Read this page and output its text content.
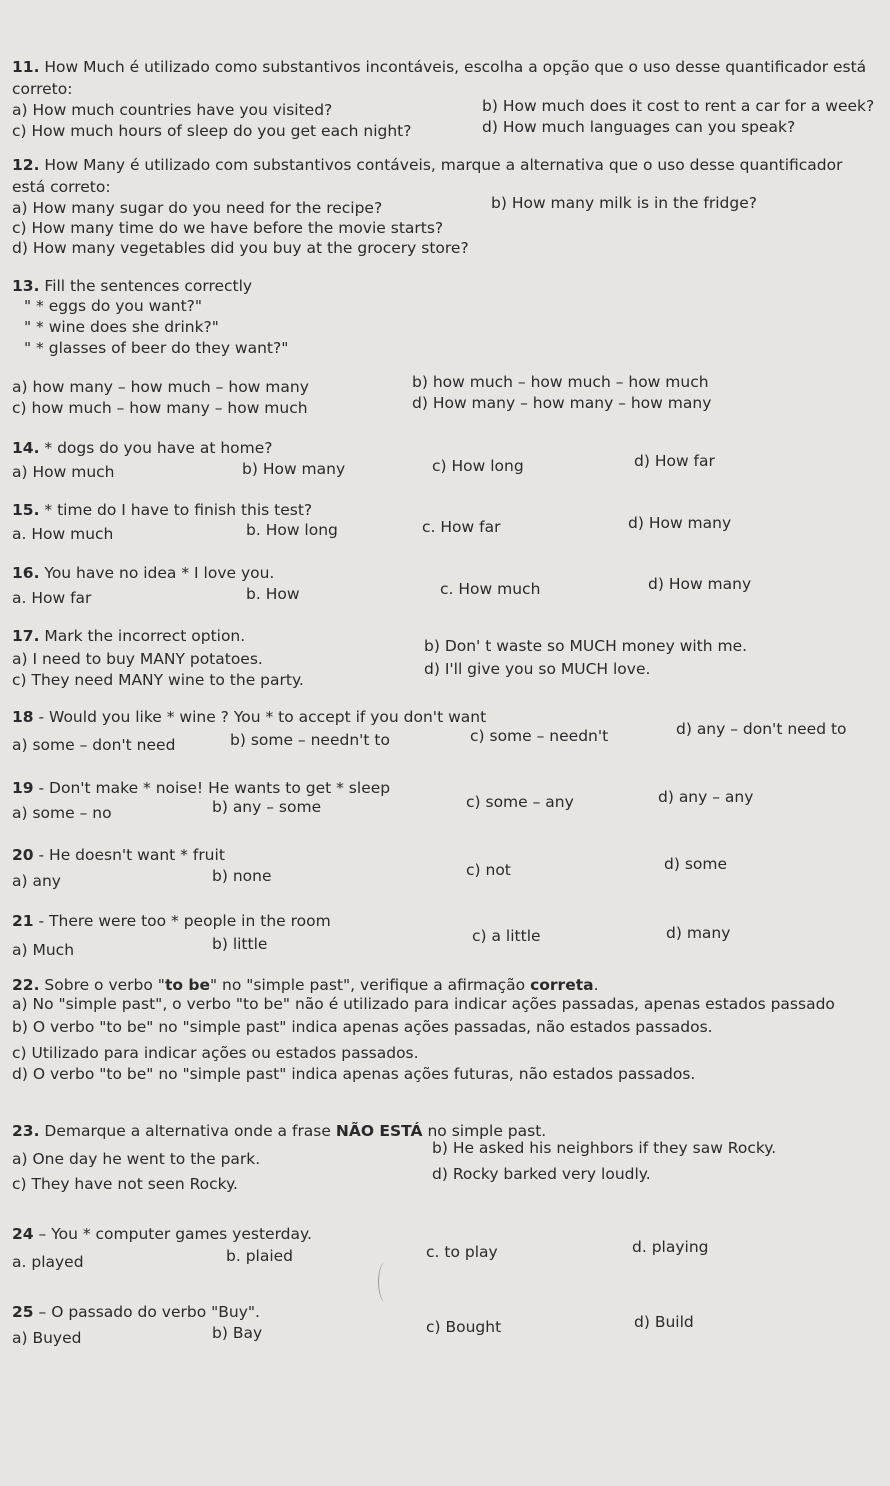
11. How Much é utilizado como substantivos incontáveis, escolha a opção que o uso desse quantificador está
correto:
a) How much countries have you visited?	b) How much does it cost to rent a car for a week?
c) How much hours of sleep do you get each night?	d) How much languages can you speak?
12. How Many é utilizado com substantivos contáveis, marque a alternativa que o uso desse quantificador
está correto:
a) How many sugar do you need for the recipe?	b) How many milk is in the fridge?
c) How many time do we have before the movie starts?
d) How many vegetables did you buy at the grocery store?
13. Fill the sentences correctly
" * eggs do you want?"
" * wine does she drink?"
" * glasses of beer do they want?"
a) how many – how much – how many	b) how much – how much – how much
c) how much – how many – how much	d) How many – how many – how many
14. * dogs do you have at home?
a) How much	b) How many	c) How long	d) How far
15. * time do I have to finish this test?
a. How much	b. How long	c. How far	d) How many
16. You have no idea * I love you.
a. How far	b. How	c. How much	d) How many
17. Mark the incorrect option.
a) I need to buy MANY potatoes.
b) Don' t waste so MUCH money with me.
c) They need MANY wine to the party.
d) I'll give you so MUCH love.
18 - Would you like * wine ? You * to accept if you don't want
a) some – don't need	b) some – needn't to	c) some – needn't	d) any – don't need to
19 - Don't make * noise! He wants to get * sleep
a) some – no	b) any – some	c) some – any	d) any – any
20 - He doesn't want * fruit
a) any	b) none	c) not	d) some
21 - There were too * people in the room
a) Much	b) little	c) a little	d) many
22. Sobre o verbo "to be" no "simple past", verifique a afirmação correta.
a) No "simple past", o verbo "to be" não é utilizado para indicar ações passadas, apenas estados passado
b) O verbo "to be" no "simple past" indica apenas ações passadas, não estados passados.
c) Utilizado para indicar ações ou estados passados.
d) O verbo "to be" no "simple past" indica apenas ações futuras, não estados passados.
23. Demarque a alternativa onde a frase NÃO ESTÁ no simple past.
a) One day he went to the park.
b) He asked his neighbors if they saw Rocky.
c) They have not seen Rocky.
d) Rocky barked very loudly.
24 – You * computer games yesterday.
a. played	b. plaied	c. to play	d. playing
25 – O passado do verbo "Buy".
a) Buyed	b) Bay	c) Bought	d) Build
